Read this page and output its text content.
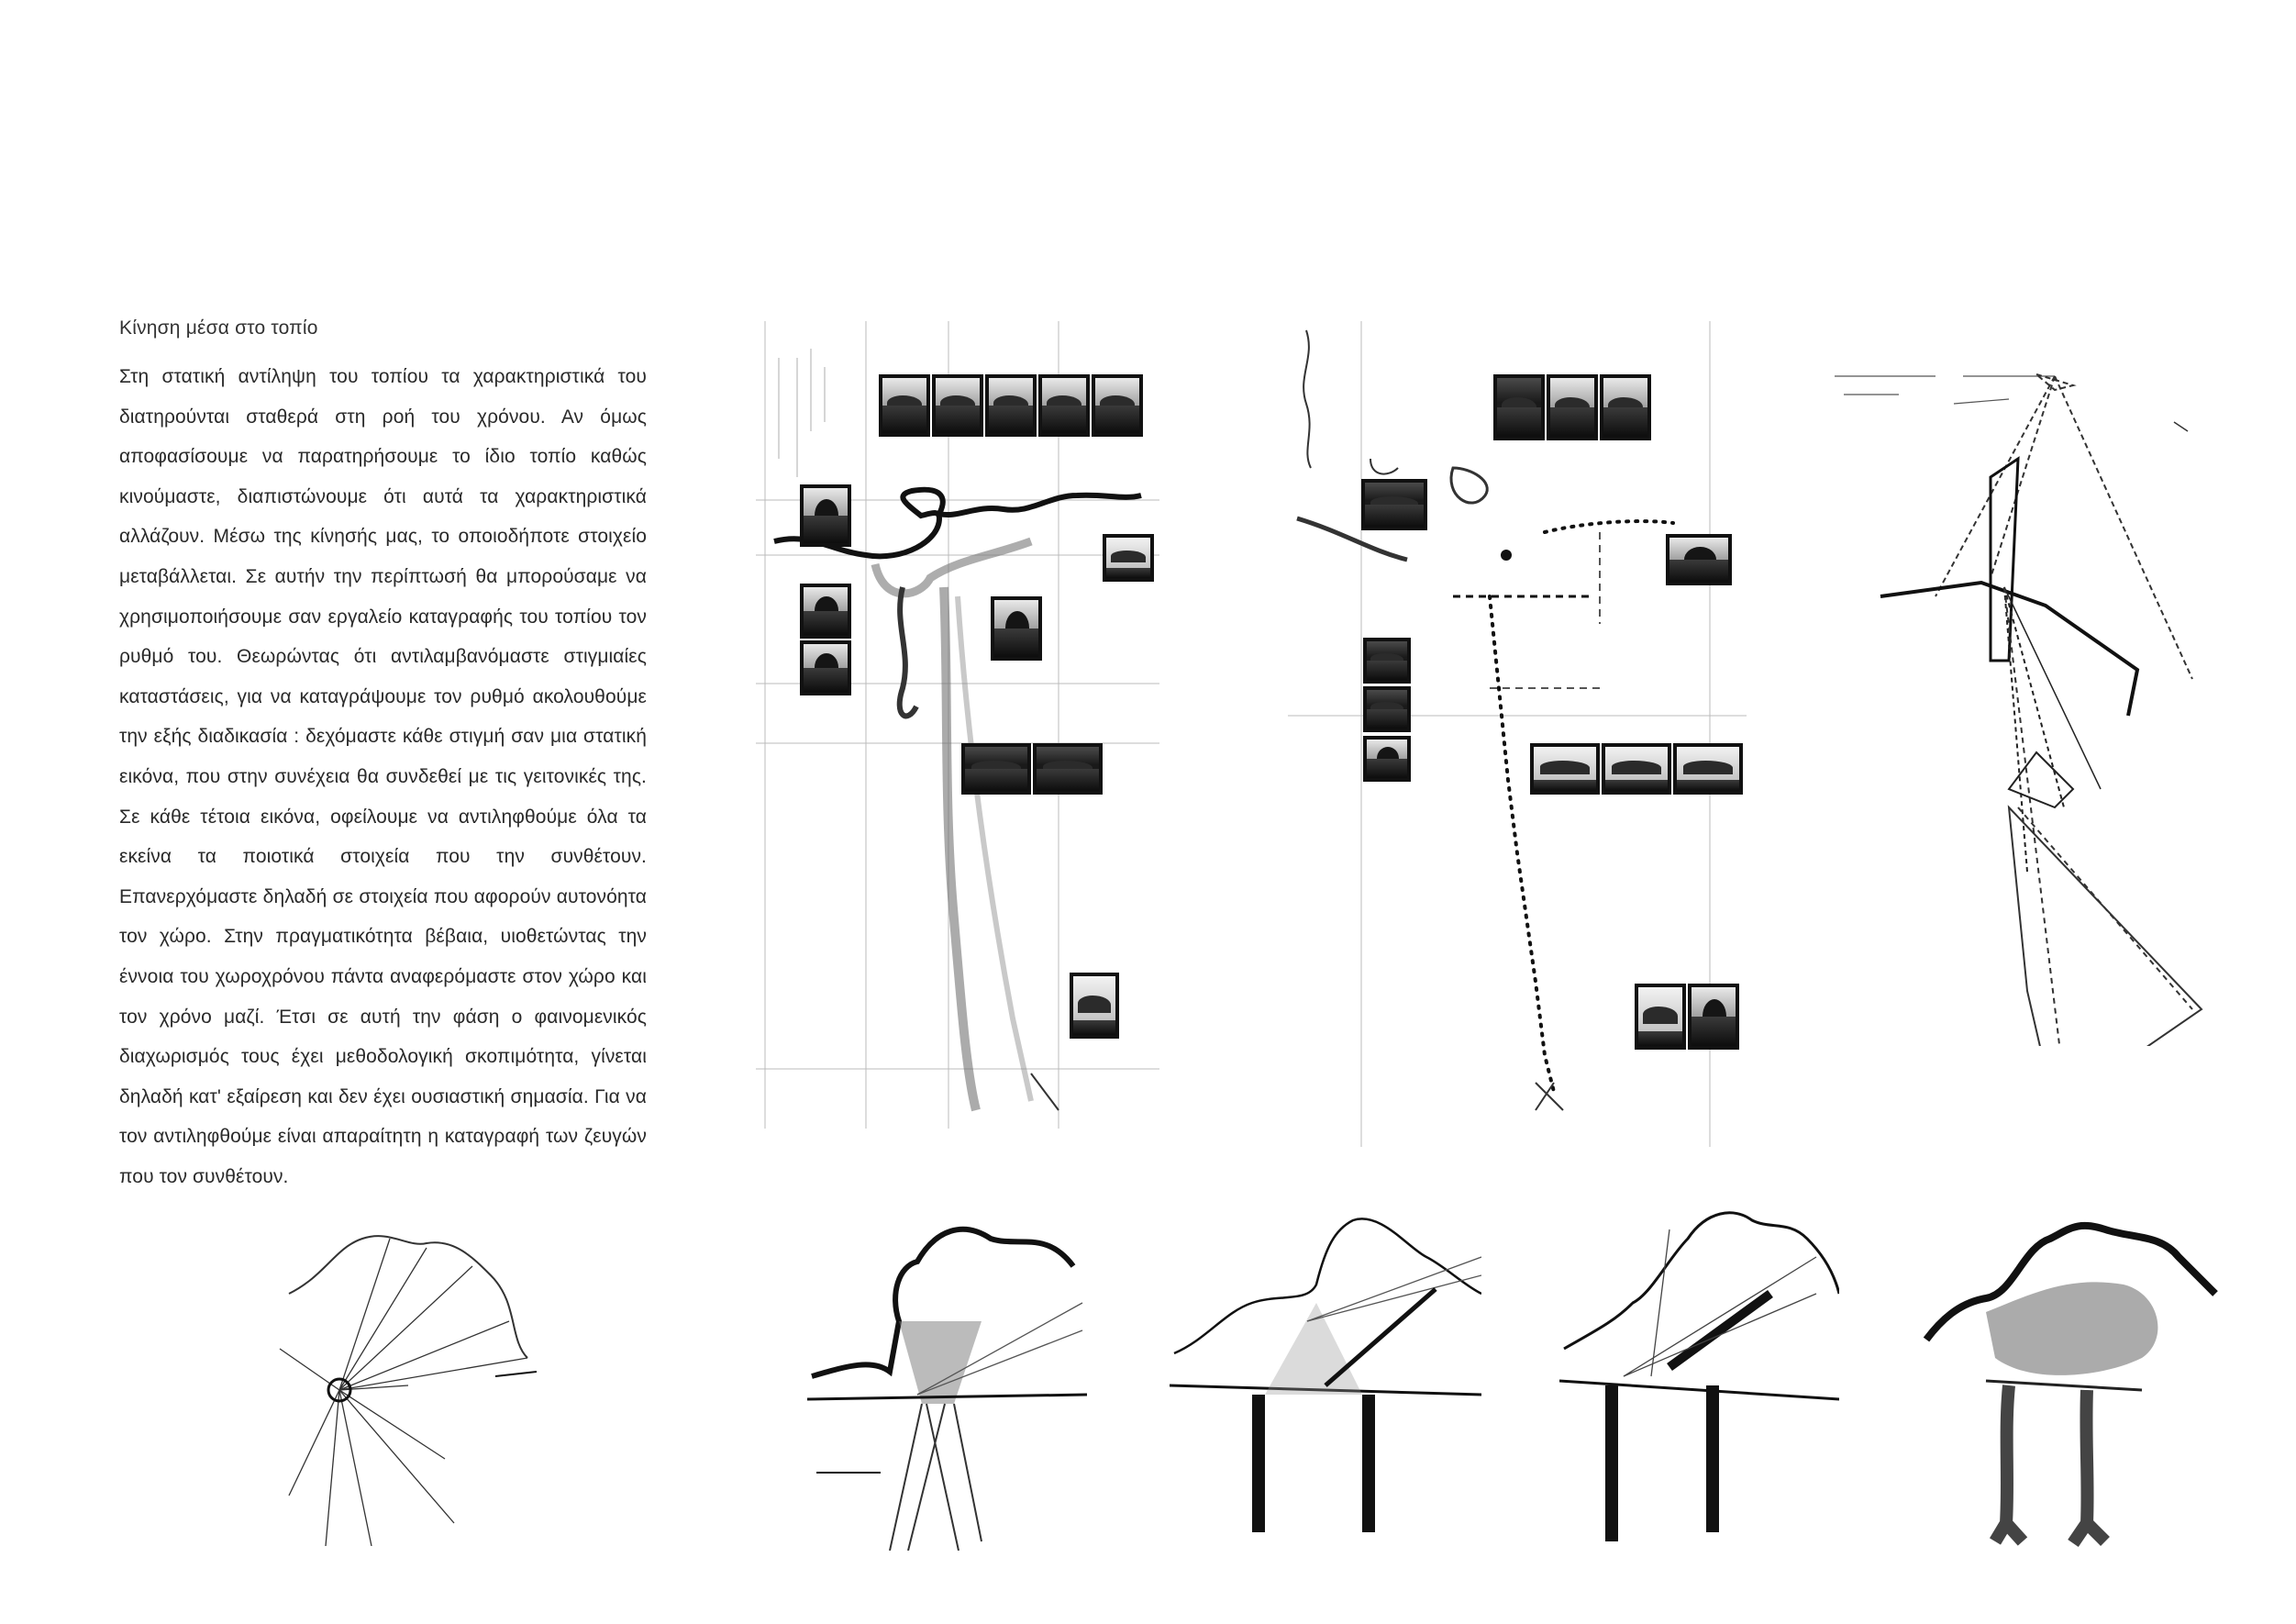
Κίνηση μέσα στο τοπίο

Στη στατική αντίληψη του τοπίου τα χαρακτηριστικά του διατηρούνται σταθερά στη ροή του χρόνου. Αν όμως αποφασίσουμε να παρατηρήσουμε το ίδιο τοπίο καθώς κινούμαστε, διαπιστώνουμε ότι αυτά τα χαρακτηριστικά αλλάζουν. Μέσω της κίνησής μας, το οποιοδήποτε στοιχείο μεταβάλλεται. Σε αυτήν την περίπτωσή θα μπορούσαμε να χρησιμοποιήσουμε σαν εργαλείο καταγραφής του τοπίου τον ρυθμό του. Θεωρώντας ότι αντιλαμβανόμαστε στιγμιαίες καταστάσεις, για να καταγράψουμε τον ρυθμό ακολουθούμε την εξής διαδικασία : δεχόμαστε κάθε στιγμή σαν μια στατική εικόνα, που στην συνέχεια θα συνδεθεί με τις γειτονικές της. Σε κάθε τέτοια εικόνα, οφείλουμε να αντιληφθούμε όλα τα εκείνα τα ποιοτικά στοιχεία που την συνθέτουν. Επανερχόμαστε δηλαδή σε στοιχεία που αφορούν αυτονόητα τον χώρο. Στην πραγματικότητα βέβαια, υιοθετώντας την έννοια του χωροχρόνου πάντα αναφερόμαστε στον χώρο και τον χρόνο μαζί. Έτσι σε αυτή την φάση ο φαινομενικός διαχωρισμός τους έχει μεθοδολογική σκοπιμότητα, γίνεται δηλαδή κατ' εξαίρεση και δεν έχει ουσιαστική σημασία. Για να τον αντιληφθούμε είναι απαραίτητη η καταγραφή των ζευγών που τον συνθέτουν.
